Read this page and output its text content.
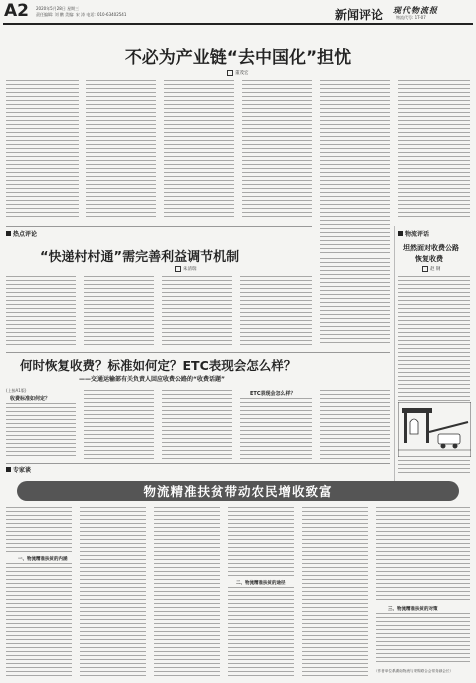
A2 2020年5月28日 星期三
责任编辑: 刘 鹏 美编: 宋 涛 电话: 010-63402541	新闻评论 现代物流报
物流代号: 1T-07
不必为产业链“去中国化”担忧
董茂宏
热点评论
“快递村村通”需完善利益调节机制
朱清瑞
物流评话
坦然面对收费公路
恢复收费
赵 钢
何时恢复收费？标准如何定？ETC表现会怎么样？
——交通运输部有关负责人回应收费公路的“收费话题”
(上接A1版)
收费标准如何定？
ETC表现会怎么样？
专家谈
物流精准扶贫带动农民增收致富
一、物流精准扶贫的内涵
二、物流精准扶贫的途径
三、物流精准扶贫的对策
（作者单位系湖南物流与采购联合会常务副会长）
